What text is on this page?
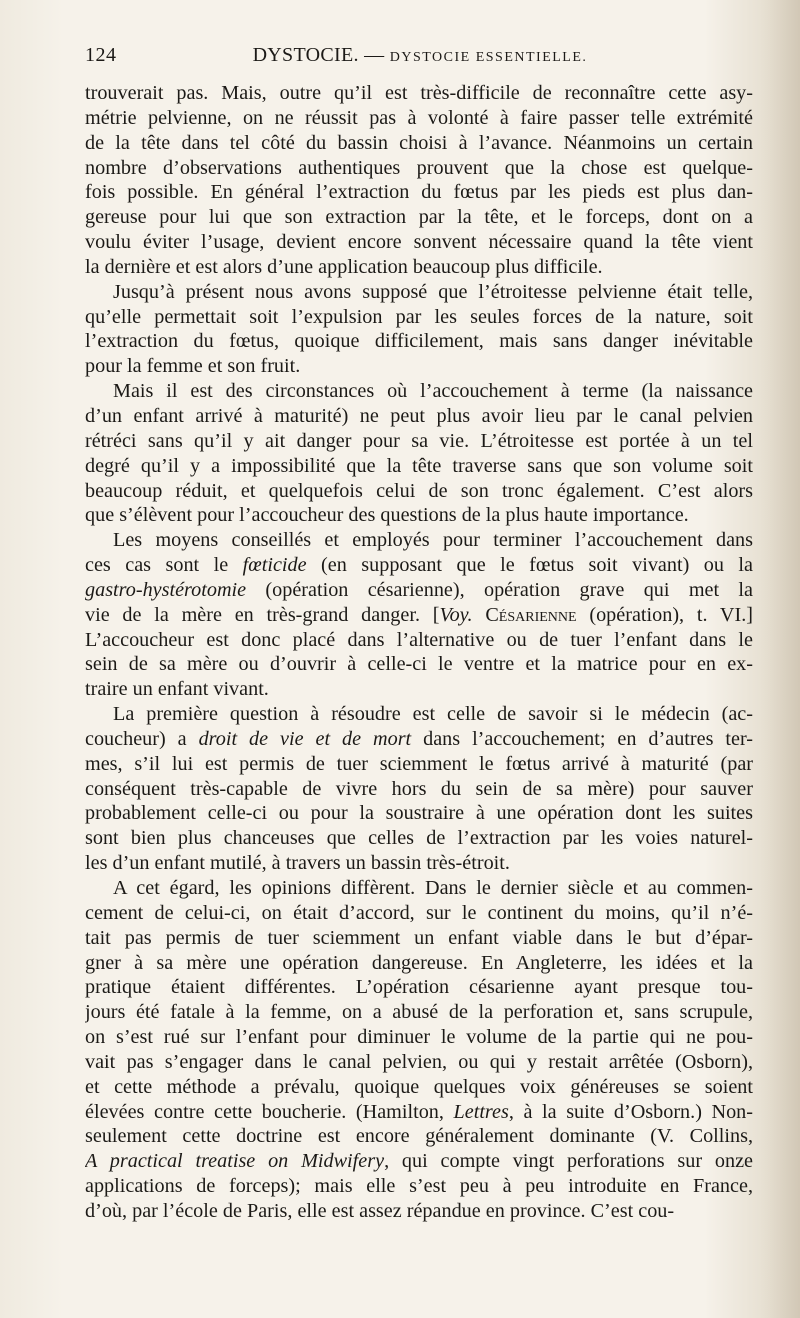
124	DYSTOCIE. — DYSTOCIE ESSENTIELLE.
trouverait pas. Mais, outre qu’il est très-difficile de reconnaître cette asy-
métrie pelvienne, on ne réussit pas à volonté à faire passer telle extrémité
de la tête dans tel côté du bassin choisi à l’avance. Néanmoins un certain
nombre d’observations authentiques prouvent que la chose est quelque-
fois possible. En général l’extraction du fœtus par les pieds est plus dan-
gereuse pour lui que son extraction par la tête, et le forceps, dont on a
voulu éviter l’usage, devient encore sonvent nécessaire quand la tête vient
la dernière et est alors d’une application beaucoup plus difficile.
Jusqu’à présent nous avons supposé que l’étroitesse pelvienne était telle,
qu’elle permettait soit l’expulsion par les seules forces de la nature, soit
l’extraction du fœtus, quoique difficilement, mais sans danger inévitable
pour la femme et son fruit.
Mais il est des circonstances où l’accouchement à terme (la naissance
d’un enfant arrivé à maturité) ne peut plus avoir lieu par le canal pelvien
rétréci sans qu’il y ait danger pour sa vie. L’étroitesse est portée à un tel
degré qu’il y a impossibilité que la tête traverse sans que son volume soit
beaucoup réduit, et quelquefois celui de son tronc également. C’est alors
que s’élèvent pour l’accoucheur des questions de la plus haute importance.
Les moyens conseillés et employés pour terminer l’accouchement dans
ces cas sont le fœticide (en supposant que le fœtus soit vivant) ou la
gastro-hystérotomie (opération césarienne), opération grave qui met la
vie de la mère en très-grand danger. [Voy. Césarienne (opération), t. VI.]
L’accoucheur est donc placé dans l’alternative ou de tuer l’enfant dans le
sein de sa mère ou d’ouvrir à celle-ci le ventre et la matrice pour en ex-
traire un enfant vivant.
La première question à résoudre est celle de savoir si le médecin (ac-
coucheur) a droit de vie et de mort dans l’accouchement; en d’autres ter-
mes, s’il lui est permis de tuer sciemment le fœtus arrivé à maturité (par
conséquent très-capable de vivre hors du sein de sa mère) pour sauver
probablement celle-ci ou pour la soustraire à une opération dont les suites
sont bien plus chanceuses que celles de l’extraction par les voies naturel-
les d’un enfant mutilé, à travers un bassin très-étroit.
A cet égard, les opinions diffèrent. Dans le dernier siècle et au commen-
cement de celui-ci, on était d’accord, sur le continent du moins, qu’il n’é-
tait pas permis de tuer sciemment un enfant viable dans le but d’épar-
gner à sa mère une opération dangereuse. En Angleterre, les idées et la
pratique étaient différentes. L’opération césarienne ayant presque tou-
jours été fatale à la femme, on a abusé de la perforation et, sans scrupule,
on s’est rué sur l’enfant pour diminuer le volume de la partie qui ne pou-
vait pas s’engager dans le canal pelvien, ou qui y restait arrêtée (Osborn),
et cette méthode a prévalu, quoique quelques voix généreuses se soient
élevées contre cette boucherie. (Hamilton, Lettres, à la suite d’Osborn.) Non-
seulement cette doctrine est encore généralement dominante (V. Collins,
A practical treatise on Midwifery, qui compte vingt perforations sur onze
applications de forceps); mais elle s’est peu à peu introduite en France,
d’où, par l’école de Paris, elle est assez répandue en province. C’est cou-
